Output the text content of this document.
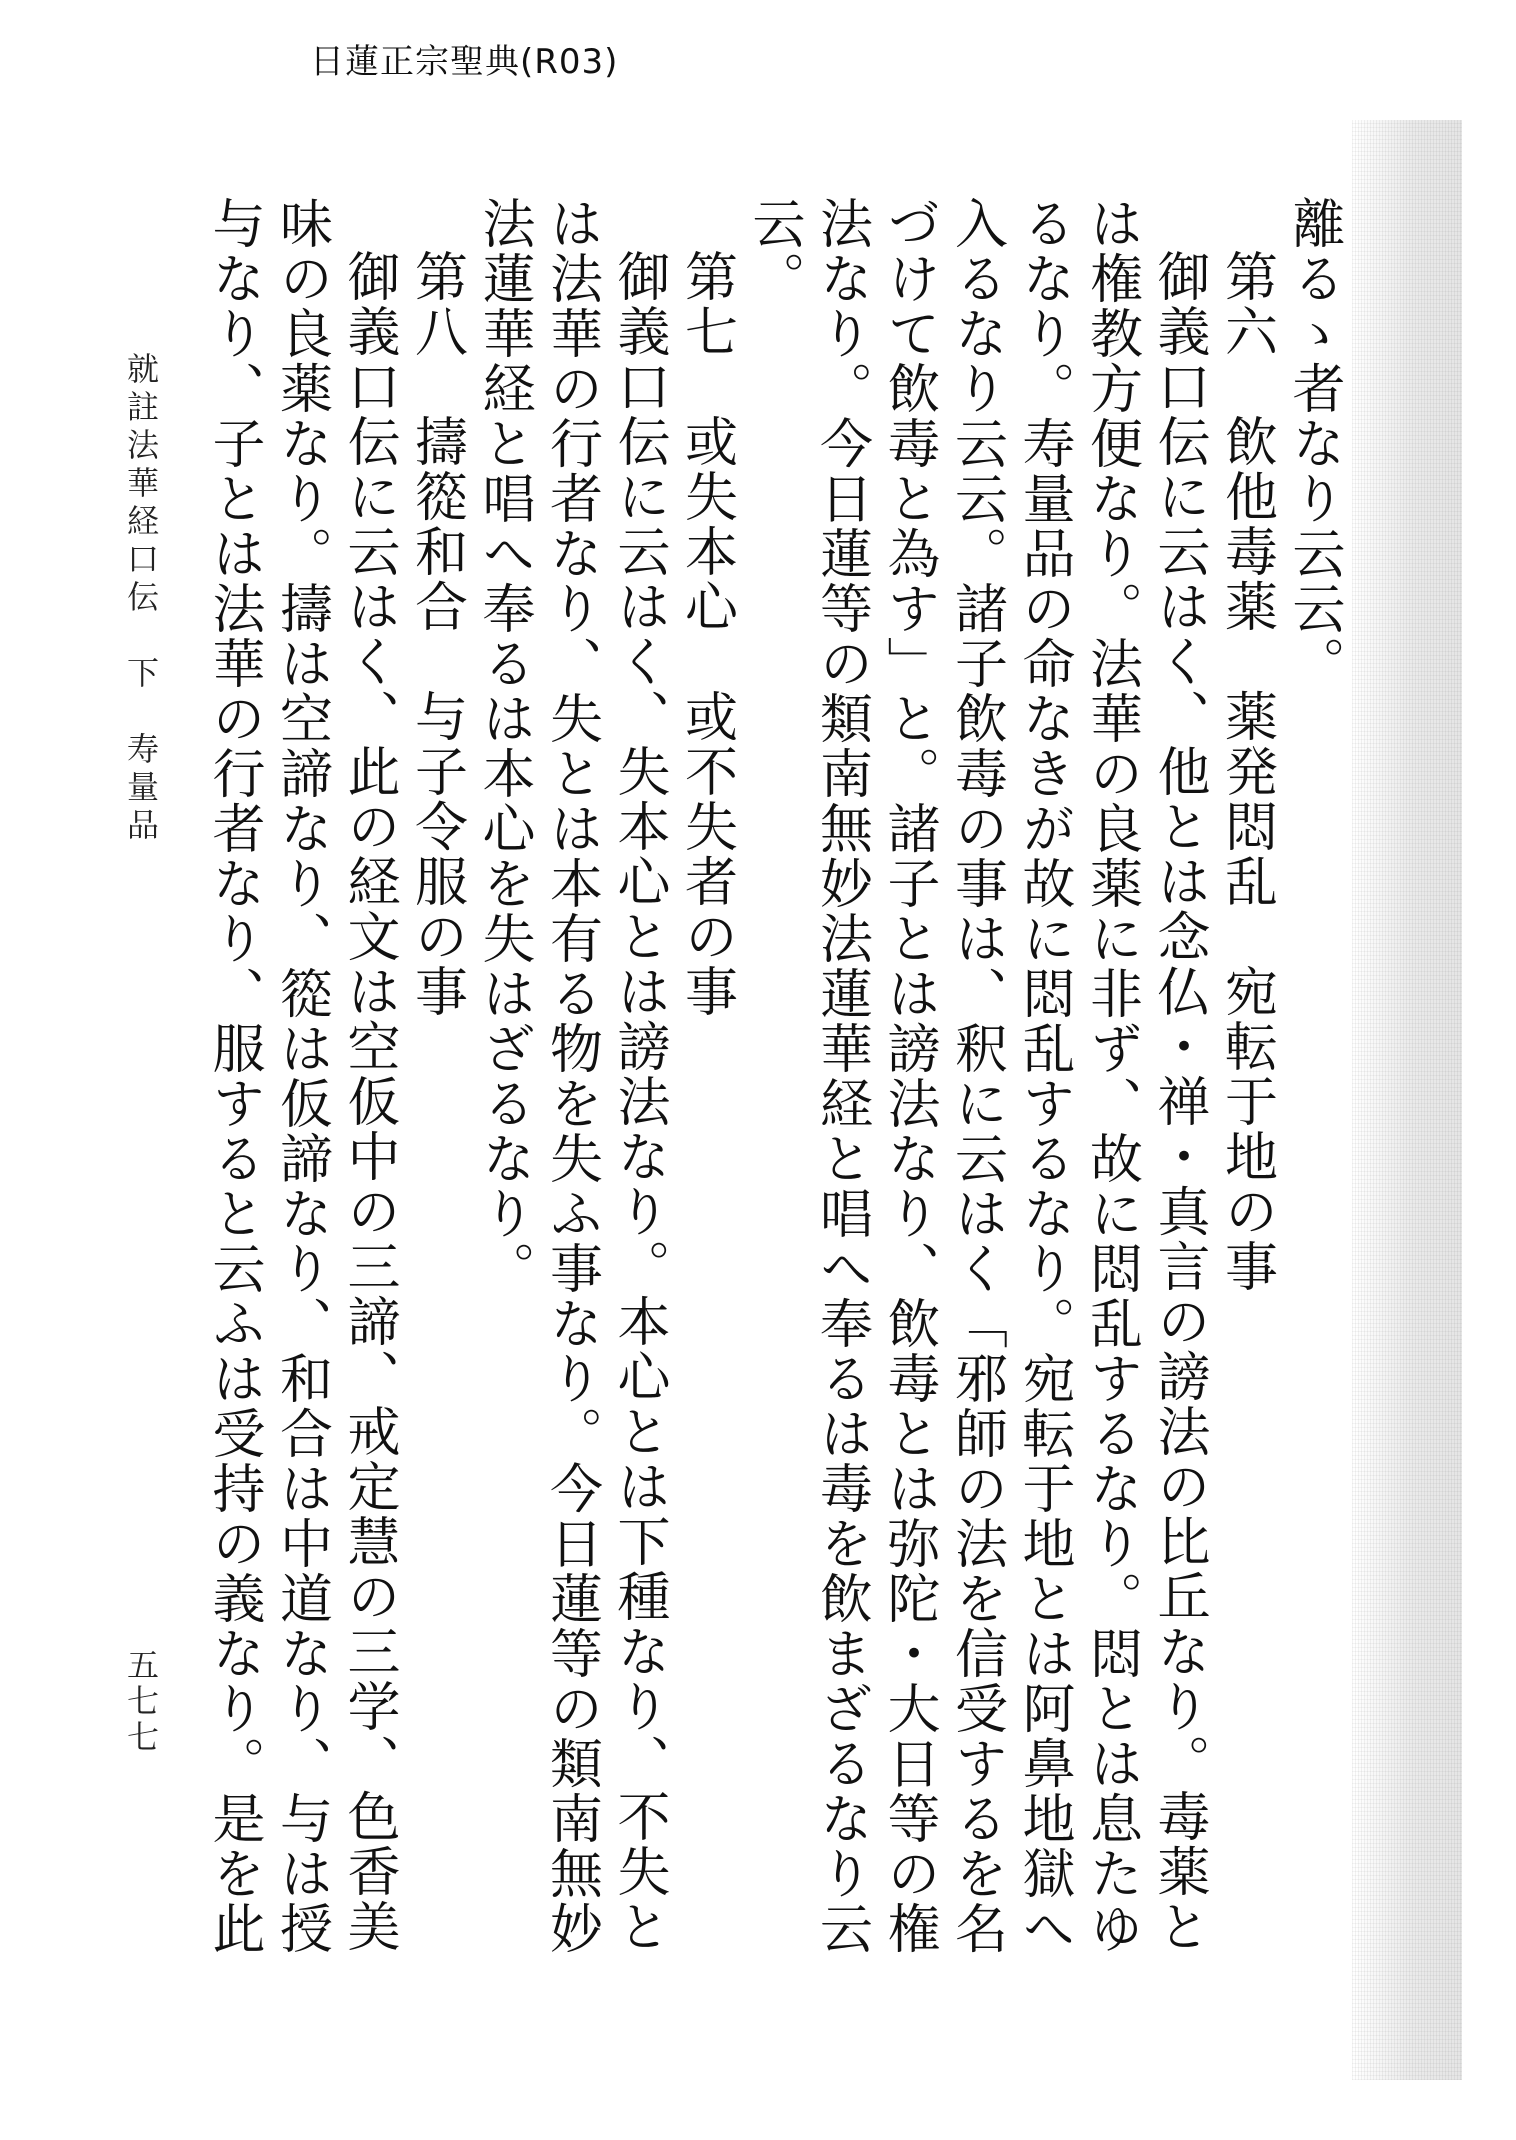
日蓮正宗聖典(R03)

離るゝ者なり云云。

第六　飲他毒薬　薬発悶乱　宛転于地の事

御義口伝に云はく、他とは念仏・禅・真言の謗法の比丘なり。毒薬とは権教方便なり。法華の良薬に非ず、故に悶乱するなり。悶とは息たゆるなり。寿量品の命なきが故に悶乱するなり。宛転于地とは阿鼻地獄へ入るなり云云。諸子飲毒の事は、釈に云はく「邪師の法を信受するを名づけて飲毒と為す」と。諸子とは謗法なり、飲毒とは弥陀・大日等の権法なり。今日蓮等の類南無妙法蓮華経と唱へ奉るは毒を飲まざるなり云云。

第七　或失本心　或不失者の事

御義口伝に云はく、失本心とは謗法なり。本心とは下種なり、不失とは法華の行者なり、失とは本有る物を失ふ事なり。今日蓮等の類南無妙法蓮華経と唱へ奉るは本心を失はざるなり。

第八　擣篵和合　与子令服の事

御義口伝に云はく、此の経文は空仮中の三諦、戒定慧の三学、色香美味の良薬なり。擣は空諦なり、篵は仮諦なり、和合は中道なり、与は授与なり、子とは法華の行者なり、服すると云ふは受持の義なり。是を此

就註法華経口伝　下　寿量品
五七七
